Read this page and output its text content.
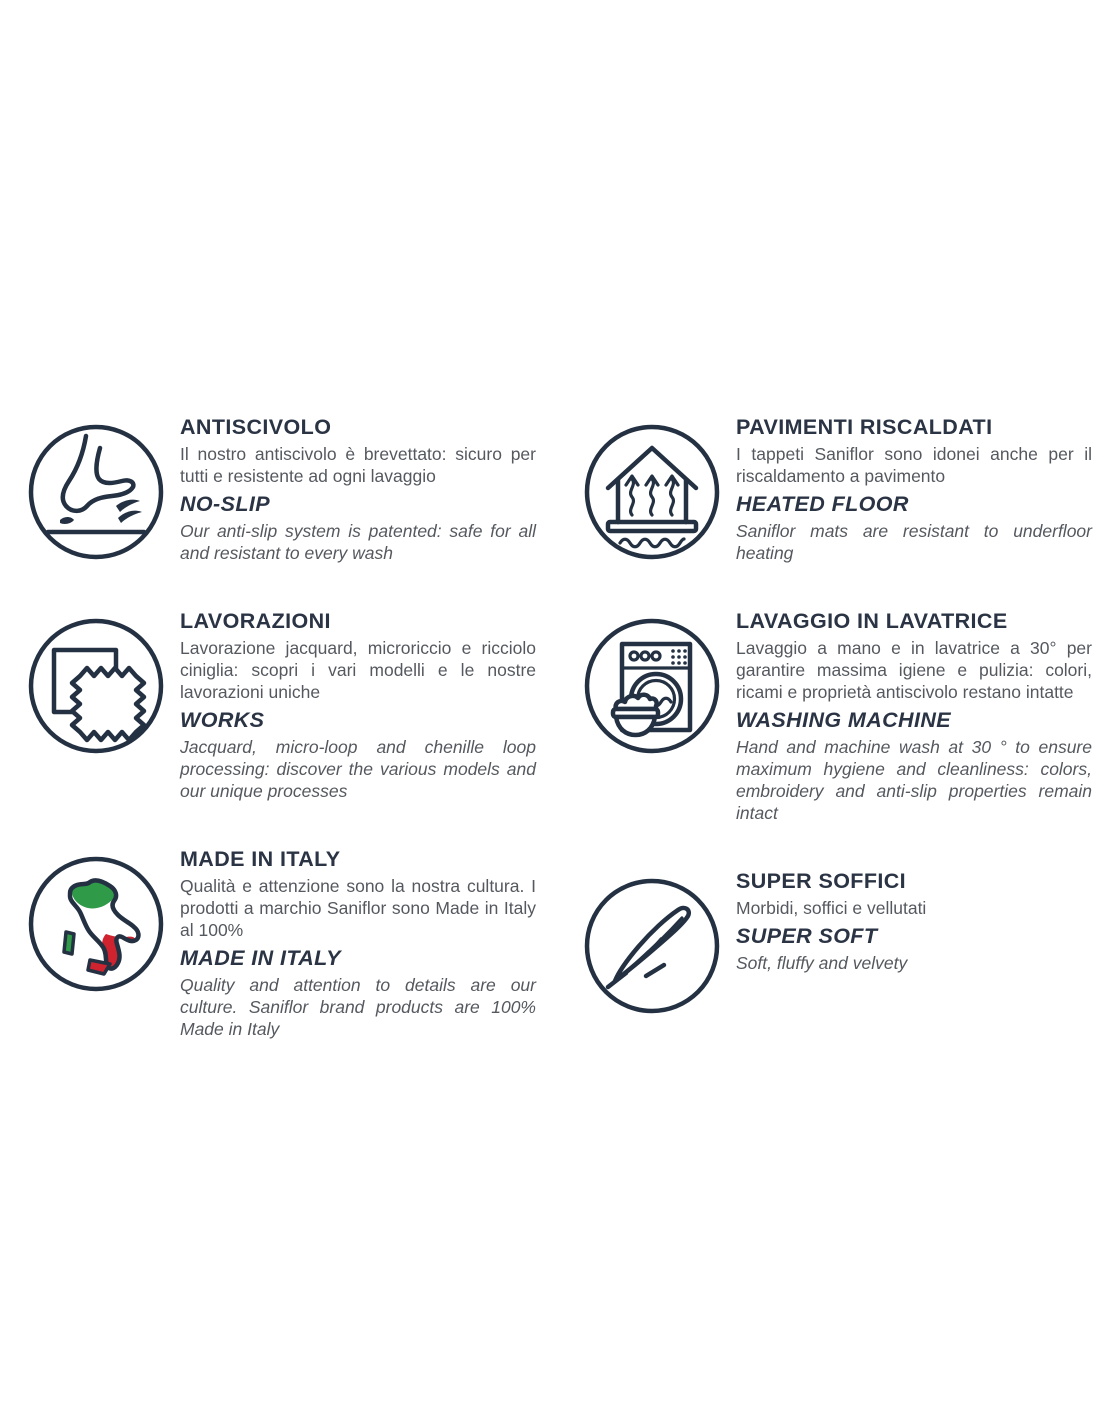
ANTISCIVOLO

Il nostro antiscivolo è brevettato: sicuro per tutti e resistente ad ogni lavaggio

NO-SLIP

Our anti-slip system is patented: safe for all and resistant to every wash

LAVORAZIONI

Lavorazione jacquard, microriccio e ricciolo ciniglia: scopri i vari modelli e le nostre lavorazioni uniche

WORKS

Jacquard, micro-loop and chenille loop processing: discover the various models and our unique processes

MADE IN ITALY

Qualità e attenzione sono la nostra cultura. I prodotti a marchio Saniflor sono Made in Italy al 100%

MADE IN ITALY

Quality and attention to details are our culture. Saniflor brand products are 100% Made in Italy

PAVIMENTI RISCALDATI

I tappeti Saniflor sono idonei anche per il riscaldamento a pavimento

HEATED FLOOR

Saniflor mats are resistant to underfloor heating

LAVAGGIO IN LAVATRICE

Lavaggio a mano e in lavatrice a 30° per garantire massima igiene e pulizia: colori, ricami e proprietà antiscivolo restano intatte

WASHING MACHINE

Hand and machine wash at 30 ° to ensure maximum hygiene and cleanliness: colors, embroidery and anti-slip properties remain intact

SUPER SOFFICI

Morbidi, soffici e vellutati

SUPER SOFT

Soft, fluffy and velvety
